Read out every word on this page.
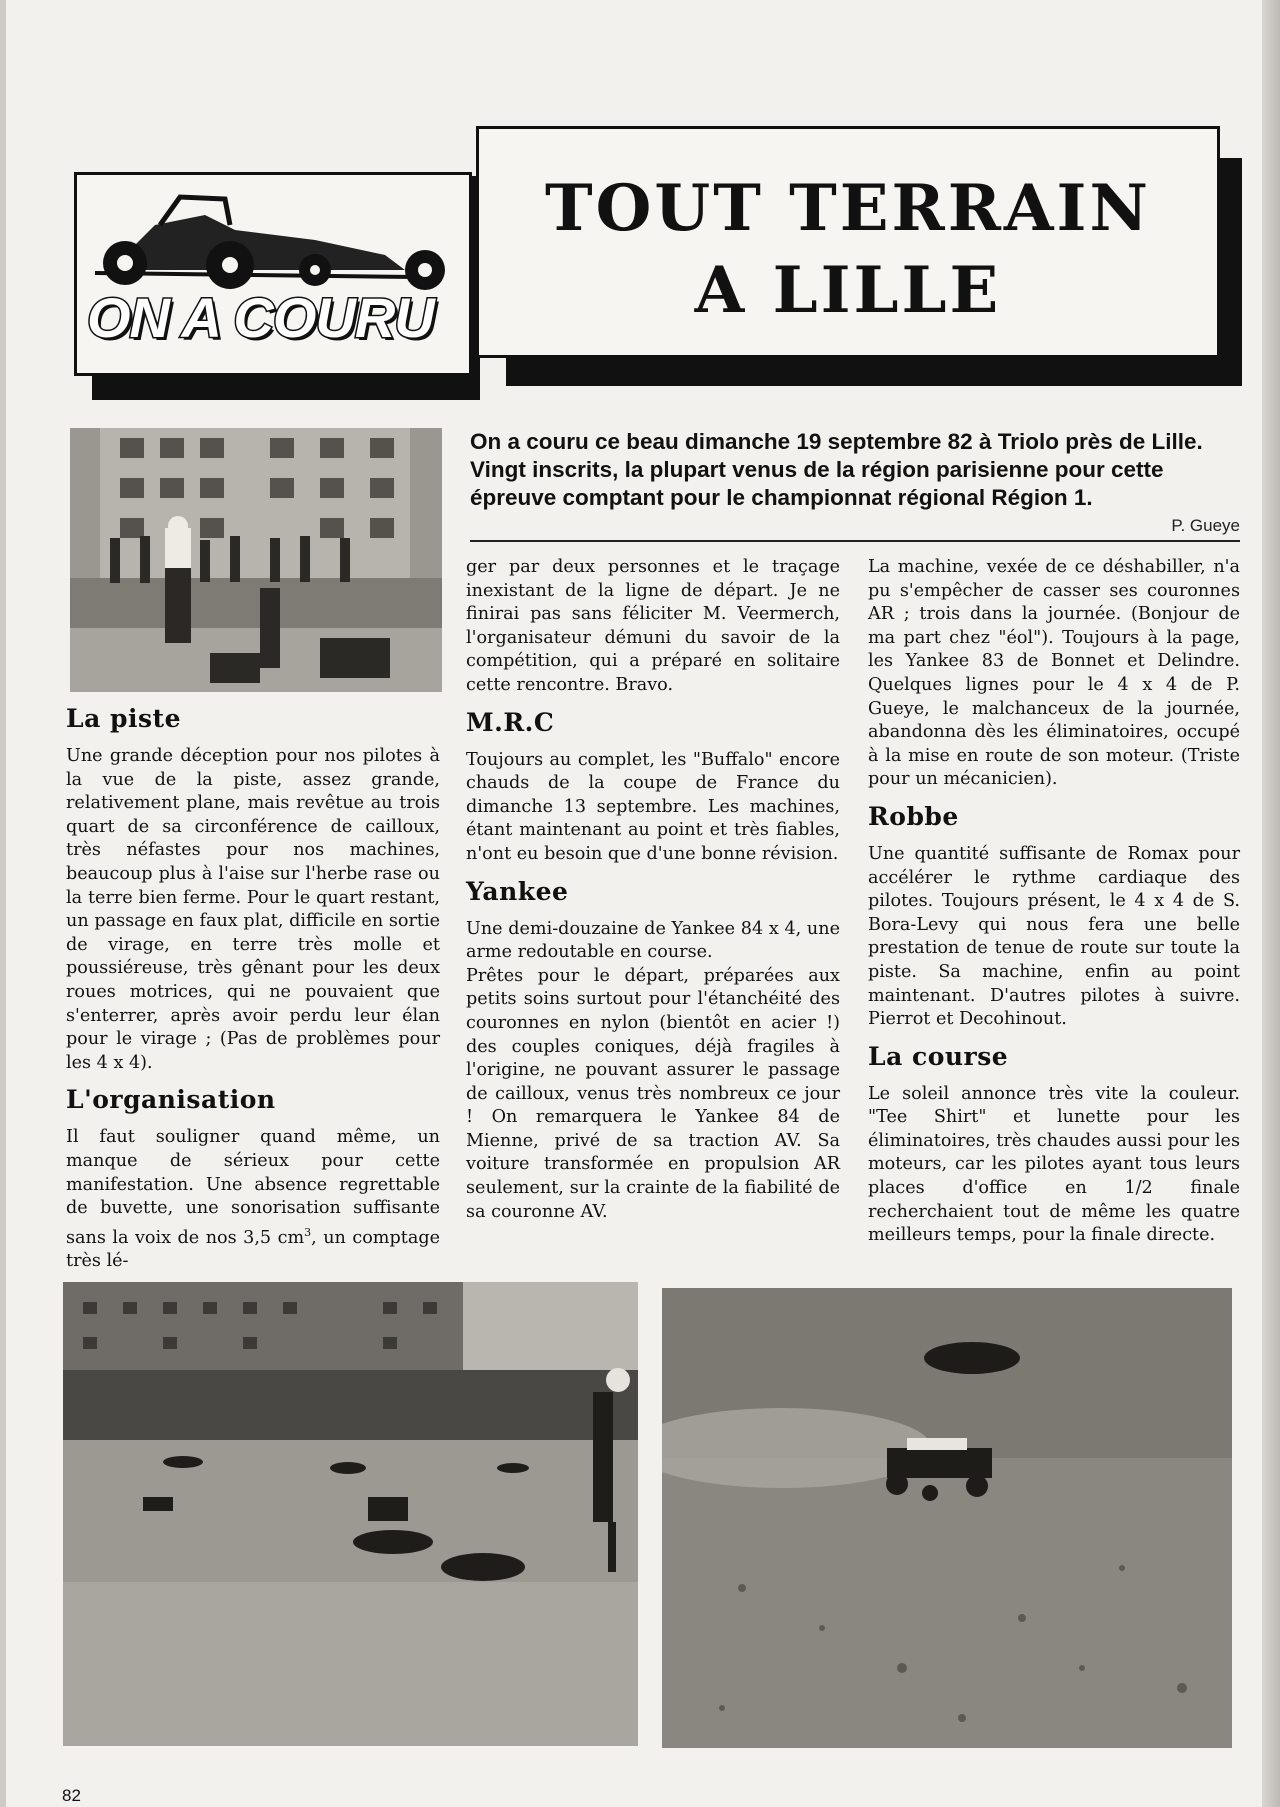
ON A COURU
TOUT TERRAIN
A LILLE

On a couru ce beau dimanche 19 septembre 82 à Triolo près de Lille. Vingt inscrits, la plupart venus de la région parisienne pour cette épreuve comptant pour le championnat régional Région 1.

P. Gueye
La piste

Une grande déception pour nos pilotes à la vue de la piste, assez grande, relativement plane, mais revêtue au trois quart de sa circonférence de cailloux, très néfastes pour nos machines, beaucoup plus à l'aise sur l'herbe rase ou la terre bien ferme. Pour le quart restant, un passage en faux plat, difficile en sortie de virage, en terre très molle et poussiéreuse, très gênant pour les deux roues motrices, qui ne pouvaient que s'enterrer, après avoir perdu leur élan pour le virage ; (Pas de problèmes pour les 4 x 4).

L'organisation

Il faut souligner quand même, un manque de sérieux pour cette manifestation. Une absence regrettable de buvette, une sonorisation suffisante sans la voix de nos 3,5 $cm^3$, un comptage très lé-

ger par deux personnes et le traçage inexistant de la ligne de départ. Je ne finirai pas sans féliciter M. Veermerch, l'organisateur démuni du savoir de la compétition, qui a préparé en solitaire cette rencontre. Bravo.

M.R.C

Toujours au complet, les "Buffalo" encore chauds de la coupe de France du dimanche 13 septembre. Les machines, étant maintenant au point et très fiables, n'ont eu besoin que d'une bonne révision.

Yankee

Une demi-douzaine de Yankee 84 x 4, une arme redoutable en course.

Prêtes pour le départ, préparées aux petits soins surtout pour l'étanchéité des couronnes en nylon (bientôt en acier !) des couples coniques, déjà fragiles à l'origine, ne pouvant assurer le passage de cailloux, venus très nombreux ce jour ! On remarquera le Yankee 84 de Mienne, privé de sa traction AV. Sa voiture transformée en propulsion AR seulement, sur la crainte de la fiabilité de sa couronne AV.

La machine, vexée de ce déshabiller, n'a pu s'empêcher de casser ses couronnes AR ; trois dans la journée. (Bonjour de ma part chez "éol"). Toujours à la page, les Yankee 83 de Bonnet et Delindre. Quelques lignes pour le 4 x 4 de P. Gueye, le malchanceux de la journée, abandonna dès les éliminatoires, occupé à la mise en route de son moteur. (Triste pour un mécanicien).

Robbe

Une quantité suffisante de Romax pour accélérer le rythme cardiaque des pilotes. Toujours présent, le 4 x 4 de S. Bora-Levy qui nous fera une belle prestation de tenue de route sur toute la piste. Sa machine, enfin au point maintenant. D'autres pilotes à suivre. Pierrot et Decohinout.

La course

Le soleil annonce très vite la couleur. "Tee Shirt" et lunette pour les éliminatoires, très chaudes aussi pour les moteurs, car les pilotes ayant tous leurs places d'office en 1/2 finale recherchaient tout de même les quatre meilleurs temps, pour la finale directe.

82
